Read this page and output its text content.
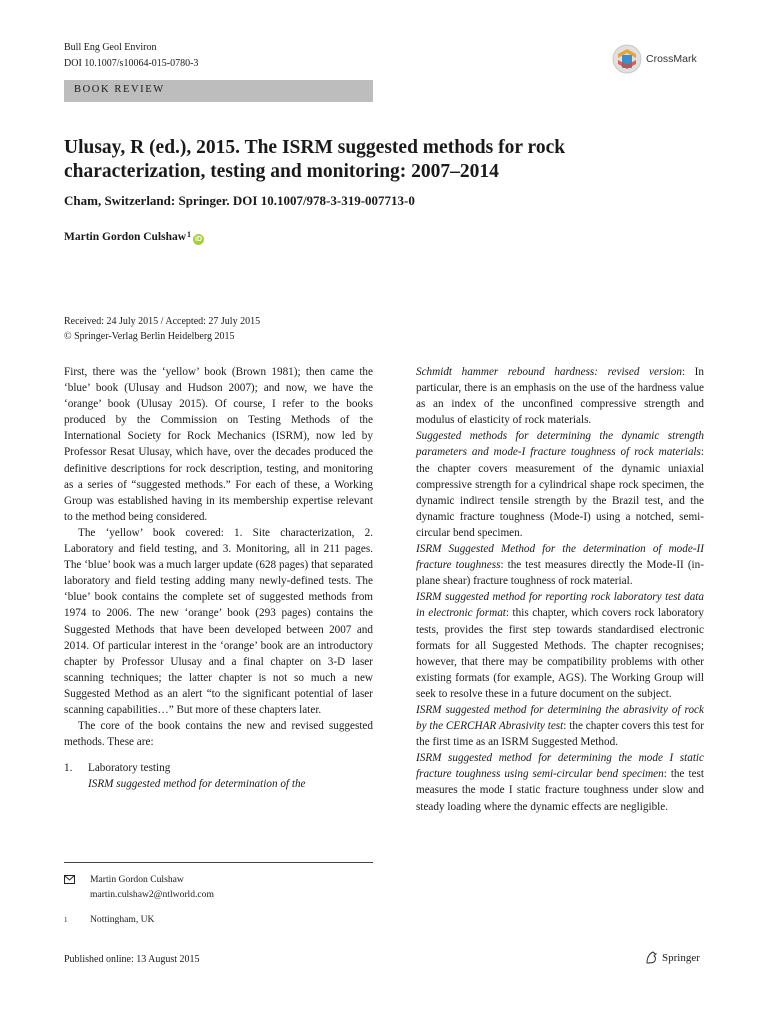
Bull Eng Geol Environ
DOI 10.1007/s10064-015-0780-3	CrossMark
BOOK REVIEW
Ulusay, R (ed.), 2015. The ISRM suggested methods for rock characterization, testing and monitoring: 2007–2014
Cham, Switzerland: Springer. DOI 10.1007/978-3-319-007713-0
Martin Gordon Culshaw 1
iD
Received: 24 July 2015 / Accepted: 27 July 2015
© Springer-Verlag Berlin Heidelberg 2015

First, there was the ‘yellow’ book (Brown 1981); then came the ‘blue’ book (Ulusay and Hudson 2007); and now, we have the ‘orange’ book (Ulusay 2015). Of course, I refer to the books produced by the Commission on Testing Methods of the International Society for Rock Mechanics (ISRM), now led by Professor Resat Ulusay, which have, over the decades produced the definitive descriptions for rock description, testing, and monitoring as a series of “suggested methods.” For each of these, a Working Group was established having in its membership expertise relevant to the method being considered.

The ‘yellow’ book covered: 1. Site characterization, 2. Laboratory and field testing, and 3. Monitoring, all in 211 pages. The ‘blue’ book was a much larger update (628 pages) that separated laboratory and field testing adding many newly-defined tests. The ‘blue’ book contains the complete set of suggested methods from 1974 to 2006. The new ‘orange’ book (293 pages) contains the Suggested Methods that have been developed between 2007 and 2014. Of particular interest in the ‘orange’ book are an introductory chapter by Professor Ulusay and a final chapter on 3-D laser scanning techniques; the latter chapter is not so much a new Suggested Method as an alert “to the significant potential of laser scanning capabilities…” But more of these chapters later.

The core of the book contains the new and revised suggested methods. These are:

1.	Laboratory testing
ISRM suggested method for determination of the

Schmidt hammer rebound hardness: revised version: In particular, there is an emphasis on the use of the hardness value as an index of the unconfined compressive strength and modulus of elasticity of rock materials.

Suggested methods for determining the dynamic strength parameters and mode-I fracture toughness of rock materials: the chapter covers measurement of the dynamic uniaxial compressive strength for a cylindrical shape rock specimen, the dynamic indirect tensile strength by the Brazil test, and the dynamic fracture toughness (Mode-I) using a notched, semi-circular bend specimen.

ISRM Suggested Method for the determination of mode-II fracture toughness: the test measures directly the Mode-II (in-plane shear) fracture toughness of rock material.

ISRM suggested method for reporting rock laboratory test data in electronic format: this chapter, which covers rock laboratory tests, provides the first step towards standardised electronic formats for all Suggested Methods. The chapter recognises; however, that there may be compatibility problems with other existing formats (for example, AGS). The Working Group will seek to resolve these in a future document on the subject.

ISRM suggested method for determining the abrasivity of rock by the CERCHAR Abrasivity test: the chapter covers this test for the first time as an ISRM Suggested Method.

ISRM suggested method for determining the mode I static fracture toughness using semi-circular bend specimen: the test measures the mode I static fracture toughness under slow and steady loading where the dynamic effects are negligible.

Martin Gordon Culshaw
martin.culshaw2@ntlworld.com
1	Nottingham, UK
Published online: 13 August 2015	Springer
